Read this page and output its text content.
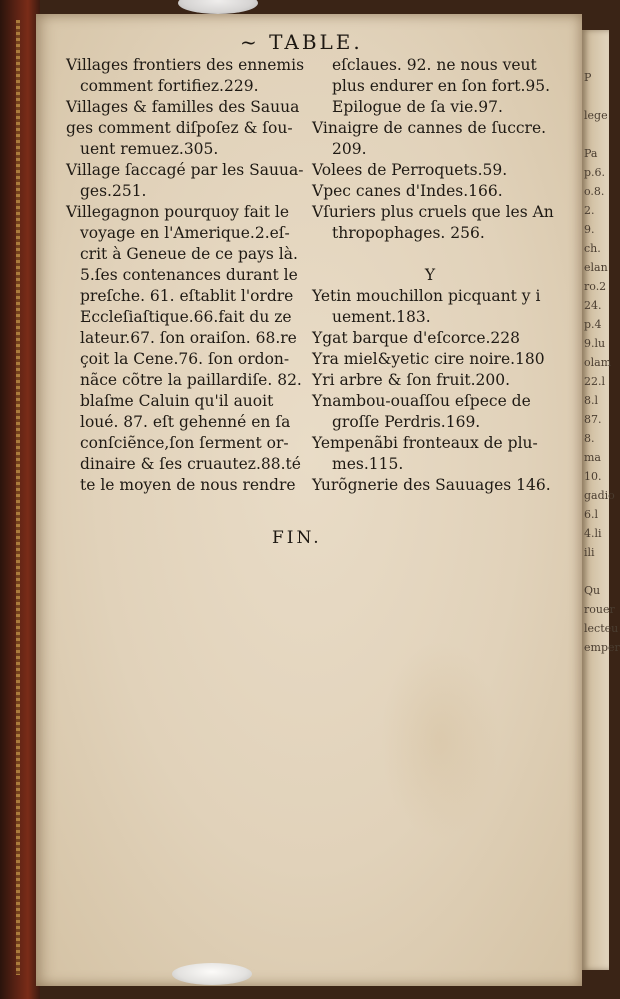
P

lege

Pa
p.6.
o.8.
2.
9.
ch.
elan
ro.2
24.
p.4
9.lu
olam
22.l
8.l
87.
8.
ma
10.
gadio
6.l
4.li
ili

Qu
rouer
lecteu
emper
~ TABLE.
Villages frontiers des ennemis
comment fortifiez.229.
Villages & familles des Sauua
ges comment diſpoſez & ſou-
uent remuez.305.
Village ſaccagé par les Sauua-
ges.251.
Villegagnon pourquoy fait le
voyage en l'Amerique.2.eſ-
crit à Geneue de ce pays là.
5.ſes contenances durant le
preſche. 61. eſtablit l'ordre
Eccleſiaſtique.66.fait du ze
lateur.67. ſon oraiſon. 68.re
çoit la Cene.76. ſon ordon-
nãce cõtre la paillardiſe. 82.
blaſme Caluin qu'il auoit
loué. 87. eſt gehenné en ſa
conſciẽnce,ſon ſerment or-
dinaire & ſes cruautez.88.té
te le moyen de nous rendre
eſclaues. 92. ne nous veut
plus endurer en ſon fort.95.
Epilogue de ſa vie.97.
Vinaigre de cannes de ſuccre.
209.
Volees de Perroquets.59.
Vpec canes d'Indes.166.
Vſuriers plus cruels que les An
thropophages. 256.

Y
Yetin mouchillon picquant y i
uement.183.
Ygat barque d'eſcorce.228
Yra miel&yetic cire noire.180
Yri arbre & ſon fruit.200.
Ynambou-ouaſſou eſpece de
groſſe Perdris.169.
Yempenãbi fronteaux de plu-
mes.115.
Yurõgnerie des Sauuages 146.
FIN.
